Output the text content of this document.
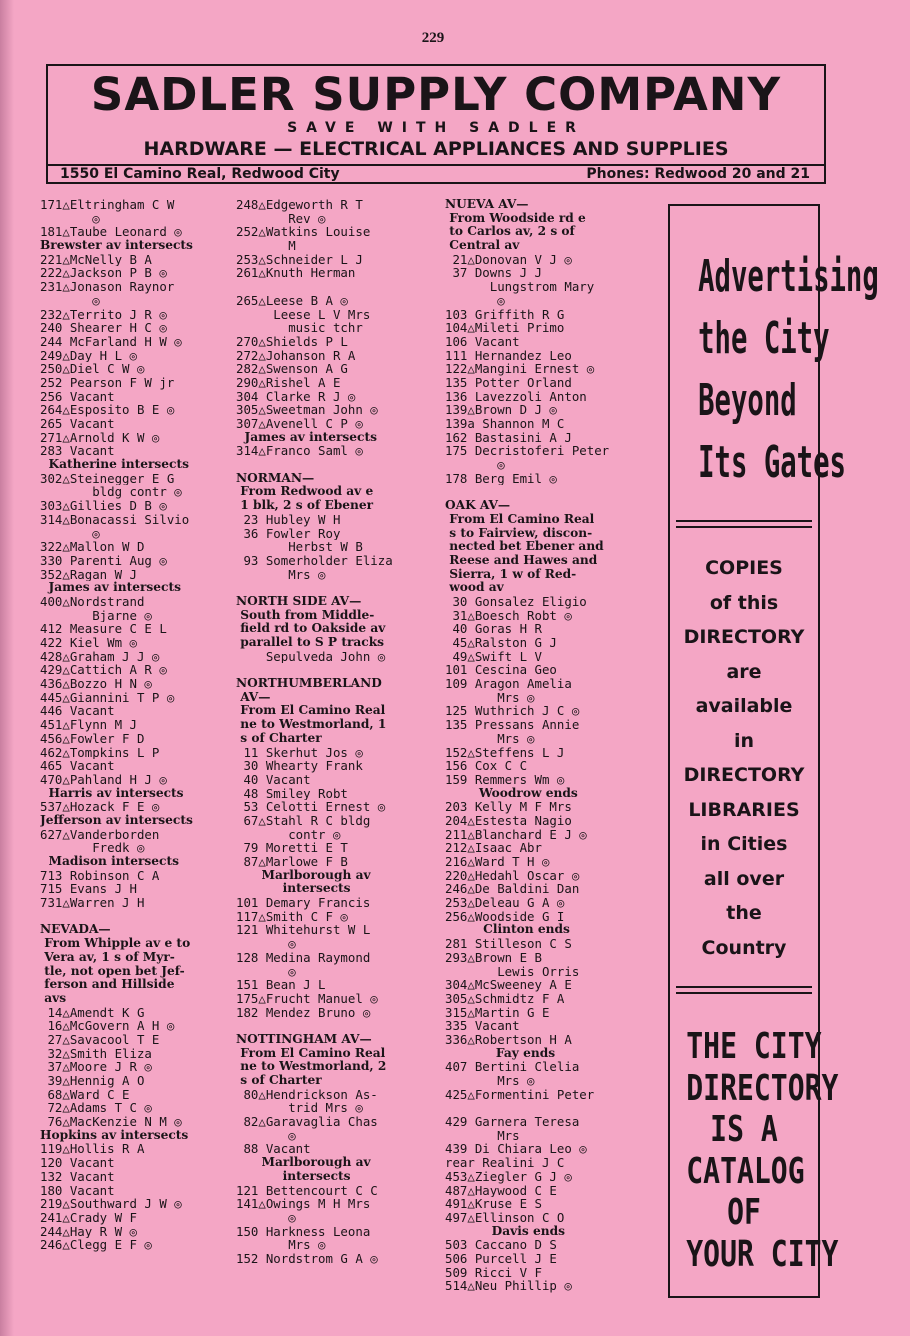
229
SADLER SUPPLY COMPANY
SAVE WITH SADLER
HARDWARE — ELECTRICAL APPLIANCES AND SUPPLIES
1550 El Camino Real, Redwood City	Phones: Redwood 20 and 21
171△Eltringham C W
◎
181△Taube Leonard ◎
Brewster av intersects
221△McNelly B A
222△Jackson P B ◎
231△Jonason Raynor
◎
232△Territo J R ◎
240 Shearer H C ◎
244 McFarland H W ◎
249△Day H L ◎
250△Diel C W ◎
252 Pearson F W jr
256 Vacant
264△Esposito B E ◎
265 Vacant
271△Arnold K W ◎
283 Vacant
Katherine intersects
302△Steinegger E G
bldg contr ◎
303△Gillies D B ◎
314△Bonacassi Silvio
◎
322△Mallon W D
330 Parenti Aug ◎
352△Ragan W J
James av intersects
400△Nordstrand
Bjarne ◎
412 Measure C E L
422 Kiel Wm ◎
428△Graham J J ◎
429△Cattich A R ◎
436△Bozzo H N ◎
445△Giannini T P ◎
446 Vacant
451△Flynn M J
456△Fowler F D
462△Tompkins L P
465 Vacant
470△Pahland H J ◎
Harris av intersects
537△Hozack F E ◎
Jefferson av intersects
627△Vanderborden
Fredk ◎
Madison intersects
713 Robinson C A
715 Evans J H
731△Warren J H
NEVADA—
From Whipple av e to
Vera av, 1 s of Myr-
tle, not open bet Jef-
ferson and Hillside
avs
14△Amendt K G
16△McGovern A H ◎
27△Savacool T E
32△Smith Eliza
37△Moore J R ◎
39△Hennig A O
68△Ward C E
72△Adams T C ◎
76△MacKenzie N M ◎
Hopkins av intersects
119△Hollis R A
120 Vacant
132 Vacant
180 Vacant
219△Southward J W ◎
241△Crady W F
244△Hay R W ◎
246△Clegg E F ◎
248△Edgeworth R T
Rev ◎
252△Watkins Louise
M
253△Schneider L J
261△Knuth Herman
265△Leese B A ◎
Leese L V Mrs
music tchr
270△Shields P L
272△Johanson R A
282△Swenson A G
290△Rishel A E
304 Clarke R J ◎
305△Sweetman John ◎
307△Avenell C P ◎
James av intersects
314△Franco Saml ◎
NORMAN—
From Redwood av e
1 blk, 2 s of Ebener
23 Hubley W H
36 Fowler Roy
Herbst W B
93 Somerholder Eliza
Mrs ◎
NORTH SIDE AV—
South from Middle-
field rd to Oakside av
parallel to S P tracks
Sepulveda John ◎
NORTHUMBERLAND
AV—
From El Camino Real
ne to Westmorland, 1
s of Charter
11 Skerhut Jos ◎
30 Whearty Frank
40 Vacant
48 Smiley Robt
53 Celotti Ernest ◎
67△Stahl R C bldg
contr ◎
79 Moretti E T
87△Marlowe F B
Marlborough av
intersects
101 Demary Francis
117△Smith C F ◎
121 Whitehurst W L
◎
128 Medina Raymond
◎
151 Bean J L
175△Frucht Manuel ◎
182 Mendez Bruno ◎
NOTTINGHAM AV—
From El Camino Real
ne to Westmorland, 2
s of Charter
80△Hendrickson As-
trid Mrs ◎
82△Garavaglia Chas
◎
88 Vacant
Marlborough av
intersects
121 Bettencourt C C
141△Owings M H Mrs
◎
150 Harkness Leona
Mrs ◎
152 Nordstrom G A ◎
NUEVA AV—
From Woodside rd e
to Carlos av, 2 s of
Central av
21△Donovan V J ◎
37 Downs J J
Lungstrom Mary
◎
103 Griffith R G
104△Mileti Primo
106 Vacant
111 Hernandez Leo
122△Mangini Ernest ◎
135 Potter Orland
136 Lavezzoli Anton
139△Brown D J ◎
139a Shannon M C
162 Bastasini A J
175 Decristoferi Peter
◎
178 Berg Emil ◎
OAK AV—
From El Camino Real
s to Fairview, discon-
nected bet Ebener and
Reese and Hawes and
Sierra, 1 w of Red-
wood av
30 Gonsalez Eligio
31△Boesch Robt ◎
40 Goras H R
45△Ralston G J
49△Swift L V
101 Cescina Geo
109 Aragon Amelia
Mrs ◎
125 Wuthrich J C ◎
135 Pressans Annie
Mrs ◎
152△Steffens L J
156 Cox C C
159 Remmers Wm ◎
Woodrow ends
203 Kelly M F Mrs
204△Estesta Nagio
211△Blanchard E J ◎
212△Isaac Abr
216△Ward T H ◎
220△Hedahl Oscar ◎
246△De Baldini Dan
253△Deleau G A ◎
256△Woodside G I
Clinton ends
281 Stilleson C S
293△Brown E B
Lewis Orris
304△McSweeney A E
305△Schmidtz F A
315△Martin G E
335 Vacant
336△Robertson H A
Fay ends
407 Bertini Clelia
Mrs ◎
425△Formentini Peter
429 Garnera Teresa
Mrs
439 Di Chiara Leo ◎
rear Realini J C
453△Ziegler G J ◎
487△Haywood C E
491△Kruse E S
497△Ellinson C O
Davis ends
503 Caccano D S
506 Purcell J E
509 Ricci V F
514△Neu Phillip ◎
Advertising
the City
Beyond
Its Gates
COPIES
of this
DIRECTORY
are
available
in
DIRECTORY
LIBRARIES
in Cities
all over
the
Country
THE CITY
DIRECTORY
IS A
CATALOG
OF
YOUR CITY
